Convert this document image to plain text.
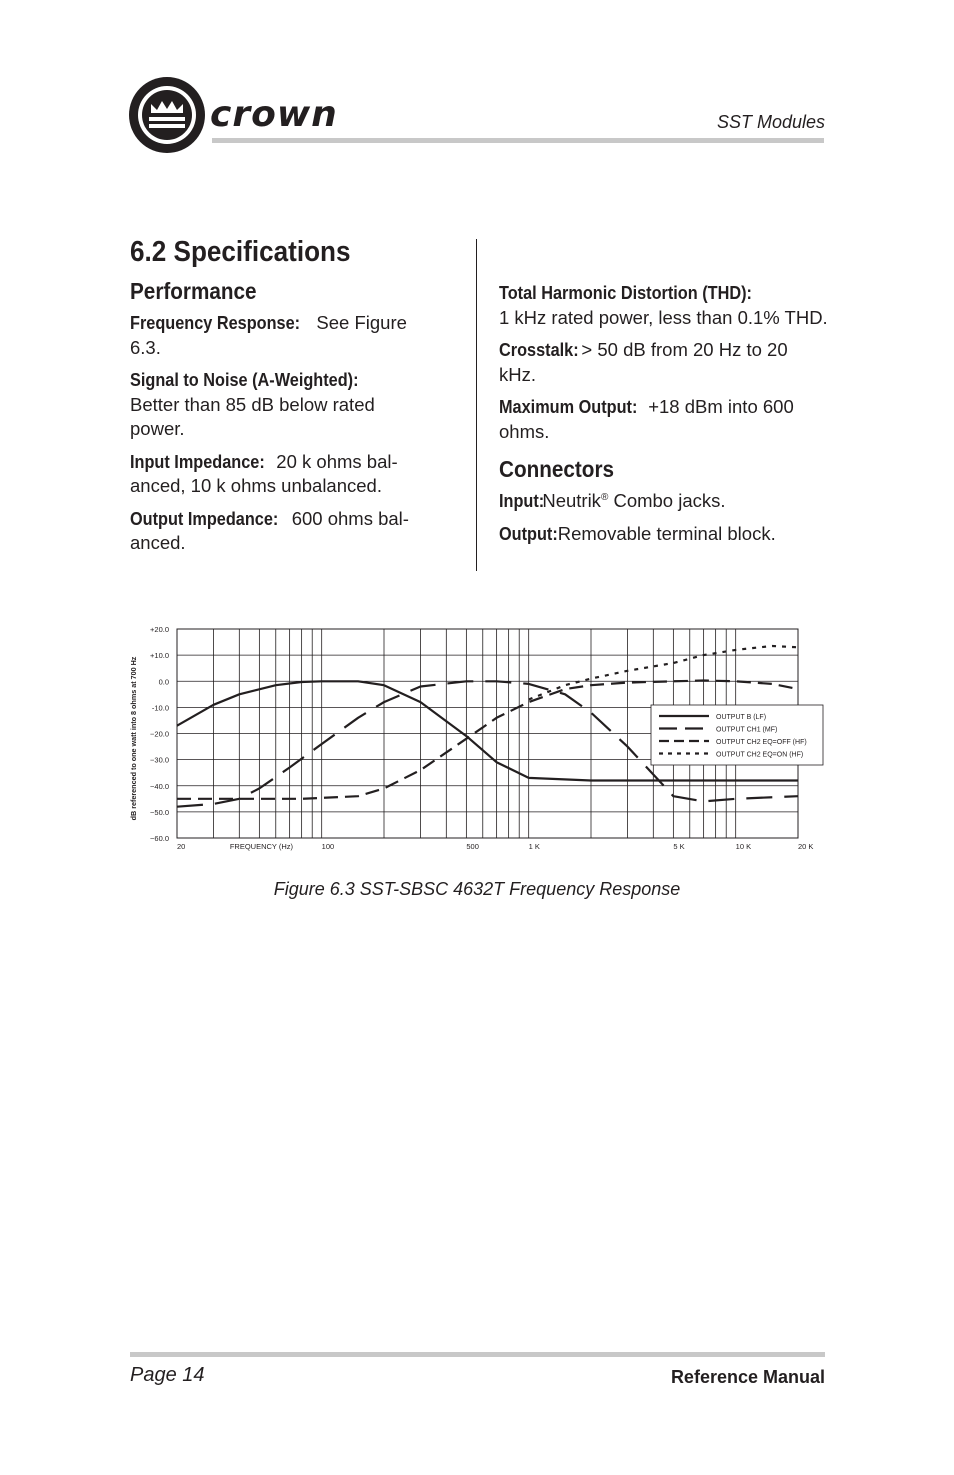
crown	SST Modules
6.2 Specifications
Performance

Frequency Response: See Figure 6.3.

Signal to Noise (A-Weighted):
Better than 85 dB below rated power.

Input Impedance: 20 k ohms bal-anced, 10 k ohms unbalanced.

Output Impedance: 600 ohms bal-anced.

Total Harmonic Distortion (THD):
1 kHz rated power, less than 0.1% THD.

Crosstalk: > 50 dB from 20 Hz to 20 kHz.

Maximum Output: +18 dBm into 600 ohms.

Connectors

Input: Neutrik® Combo jacks.

Output: Removable terminal block.

+20.0
+10.0
0.0
-10.0
−20.0
−30.0
−40.0
−50.0
−60.0
20	100	500	1 K	5 K	10 K	20 K
FREQUENCY (Hz)
dB referenced to one watt into 8 ohms at 700 Hz	OUTPUT B (LF)
OUTPUT CH1 (MF)
OUTPUT CH2 EQ=OFF (HF)
OUTPUT CH2 EQ=ON (HF)
Figure 6.3 SST-SBSC 4632T Frequency Response
Page 14	Reference Manual
